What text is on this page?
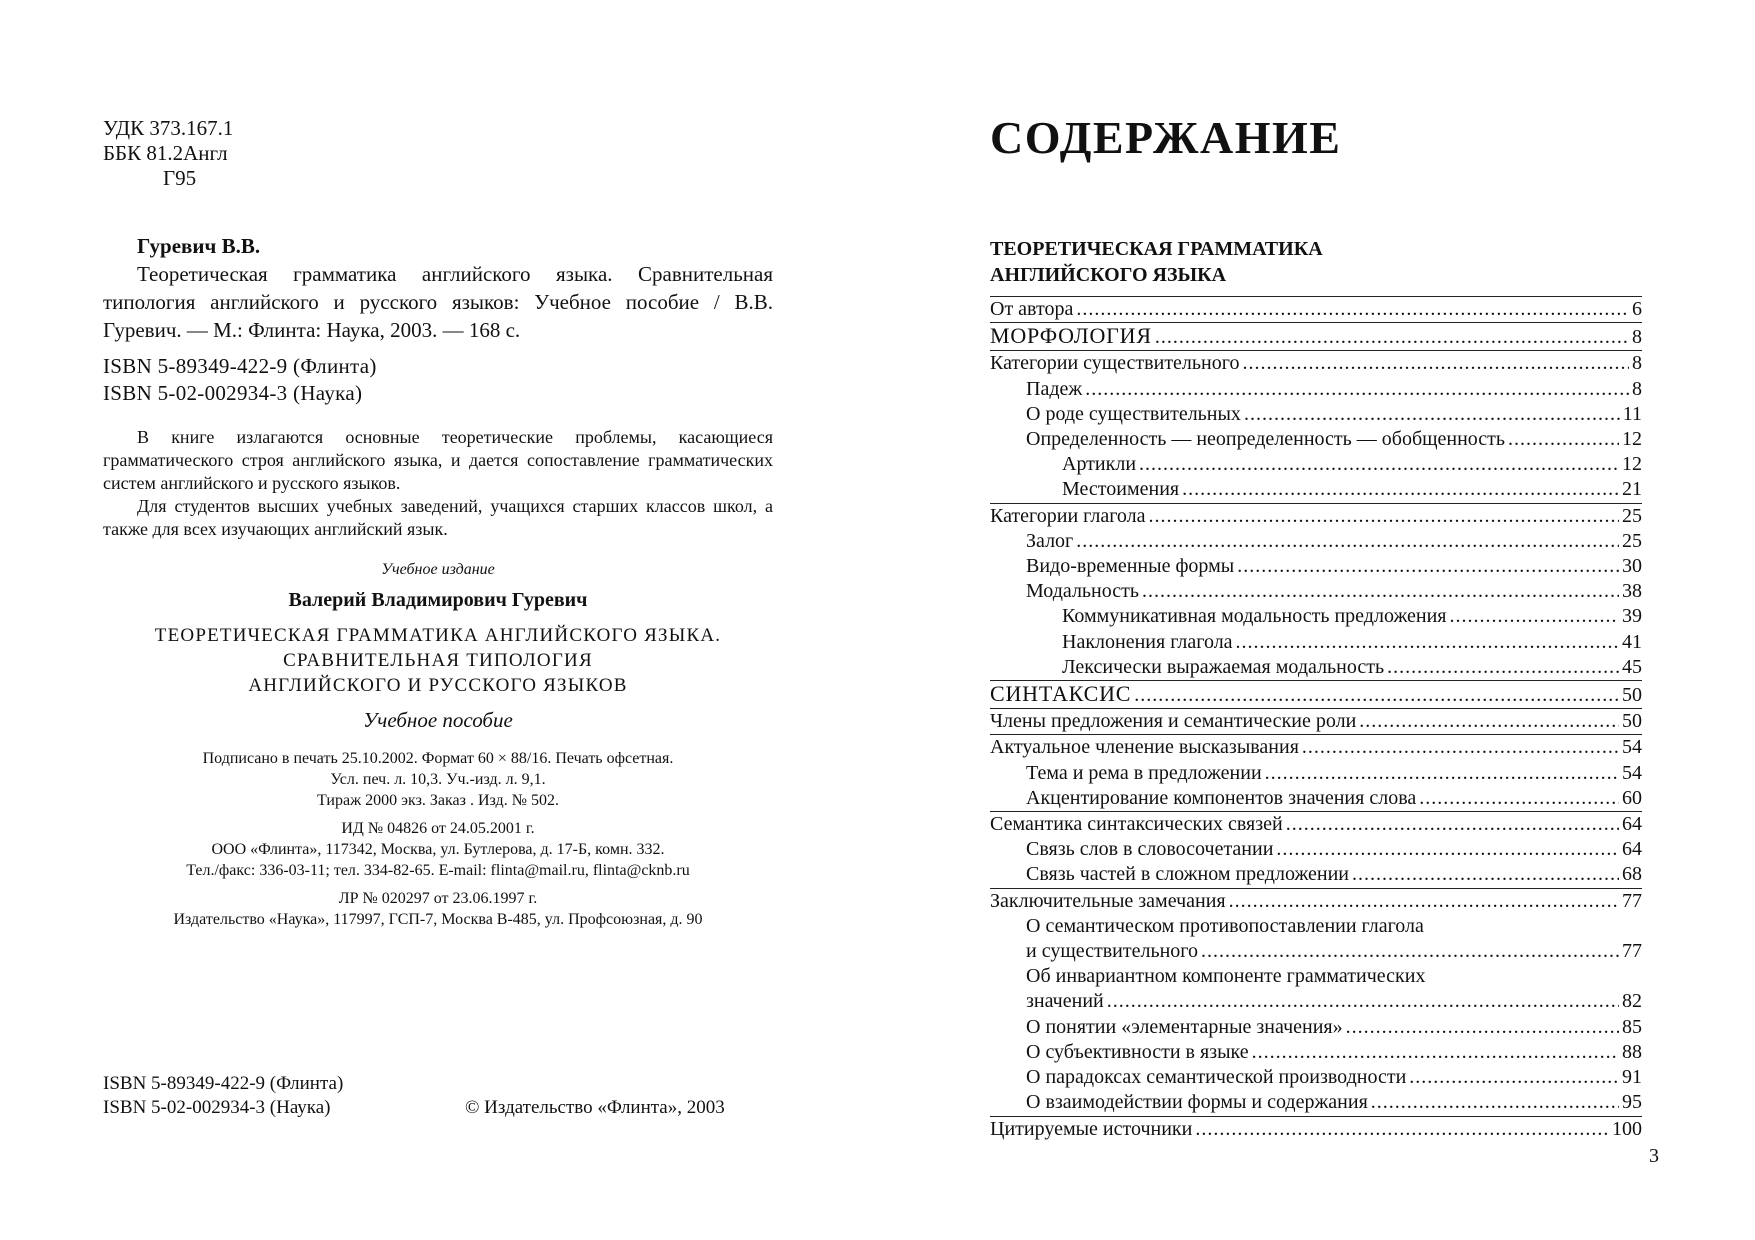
УДК 373.167.1
ББК 81.2Англ
Г95
Гуревич В.В.
Теоретическая грамматика английского языка. Сравнительная типология английского и русского языков: Учебное пособие / В.В. Гуревич. — М.: Флинта: Наука, 2003. — 168 с.
ISBN 5-89349-422-9 (Флинта)
ISBN 5-02-002934-3 (Наука)

В книге излагаются основные теоретические проблемы, касающиеся грамматического строя английского языка, и дается сопоставление грамматических систем английского и русского языков.

Для студентов высших учебных заведений, учащихся старших классов школ, а также для всех изучающих английский язык.

Учебное издание
Валерий Владимирович Гуревич
ТЕОРЕТИЧЕСКАЯ ГРАММАТИКА АНГЛИЙСКОГО ЯЗЫКА.
СРАВНИТЕЛЬНАЯ ТИПОЛОГИЯ
АНГЛИЙСКОГО И РУССКОГО ЯЗЫКОВ
Учебное пособие
Подписано в печать 25.10.2002. Формат 60 × 88/16. Печать офсетная.
Усл. печ. л. 10,3. Уч.-изд. л. 9,1.
Тираж 2000 экз. Заказ . Изд. № 502.
ИД № 04826 от 24.05.2001 г.
ООО «Флинта», 117342, Москва, ул. Бутлерова, д. 17-Б, комн. 332.
Тел./факс: 336-03-11; тел. 334-82-65. E-mail: flinta@mail.ru, flinta@cknb.ru
ЛР № 020297 от 23.06.1997 г.
Издательство «Наука», 117997, ГСП-7, Москва В-485, ул. Профсоюзная, д. 90
ISBN 5-89349-422-9 (Флинта)
ISBN 5-02-002934-3 (Наука)	© Издательство «Флинта», 2003
СОДЕРЖАНИЕ
ТЕОРЕТИЧЕСКАЯ ГРАММАТИКА
АНГЛИЙСКОГО ЯЗЫКА
От автора .....	6
МОРФОЛОГИЯ .....	8
Категории существительного .....	8
Падеж .....	8
О роде существительных .....	11
Определенность — неопределенность — обобщенность .....	12
Артикли .....	12
Местоимения .....	21
Категории глагола .....	25
Залог .....	25
Видо-временные формы .....	30
Модальность .....	38
Коммуникативная модальность предложения .....	39
Наклонения глагола .....	41
Лексически выражаемая модальность .....	45
СИНТАКСИС .....	50
Члены предложения и семантические роли .....	50
Актуальное членение высказывания .....	54
Тема и рема в предложении .....	54
Акцентирование компонентов значения слова .....	60
Семантика синтаксических связей .....	64
Связь слов в словосочетании .....	64
Связь частей в сложном предложении .....	68
Заключительные замечания .....	77
О семантическом противопоставлении глагола
и существительного .....	77
Об инвариантном компоненте грамматических
значений .....	82
О понятии «элементарные значения» .....	85
О субъективности в языке .....	88
О парадоксах семантической производности .....	91
О взаимодействии формы и содержания .....	95
Цитируемые источники .....	100
3
